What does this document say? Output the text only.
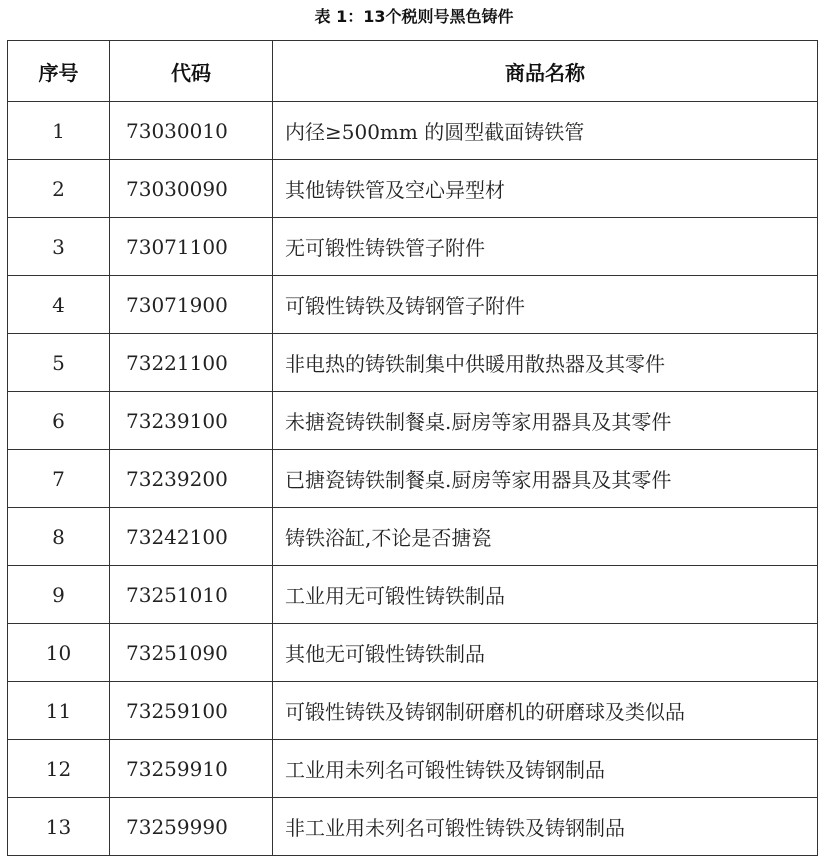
表 1：13个税则号黑色铸件
序号	代码	商品名称
1	73030010	内径≥500mm 的圆型截面铸铁管
2	73030090	其他铸铁管及空心异型材
3	73071100	无可锻性铸铁管子附件
4	73071900	可锻性铸铁及铸钢管子附件
5	73221100	非电热的铸铁制集中供暖用散热器及其零件
6	73239100	未搪瓷铸铁制餐桌.厨房等家用器具及其零件
7	73239200	已搪瓷铸铁制餐桌.厨房等家用器具及其零件
8	73242100	铸铁浴缸,不论是否搪瓷
9	73251010	工业用无可锻性铸铁制品
10	73251090	其他无可锻性铸铁制品
11	73259100	可锻性铸铁及铸钢制研磨机的研磨球及类似品
12	73259910	工业用未列名可锻性铸铁及铸钢制品
13	73259990	非工业用未列名可锻性铸铁及铸钢制品
